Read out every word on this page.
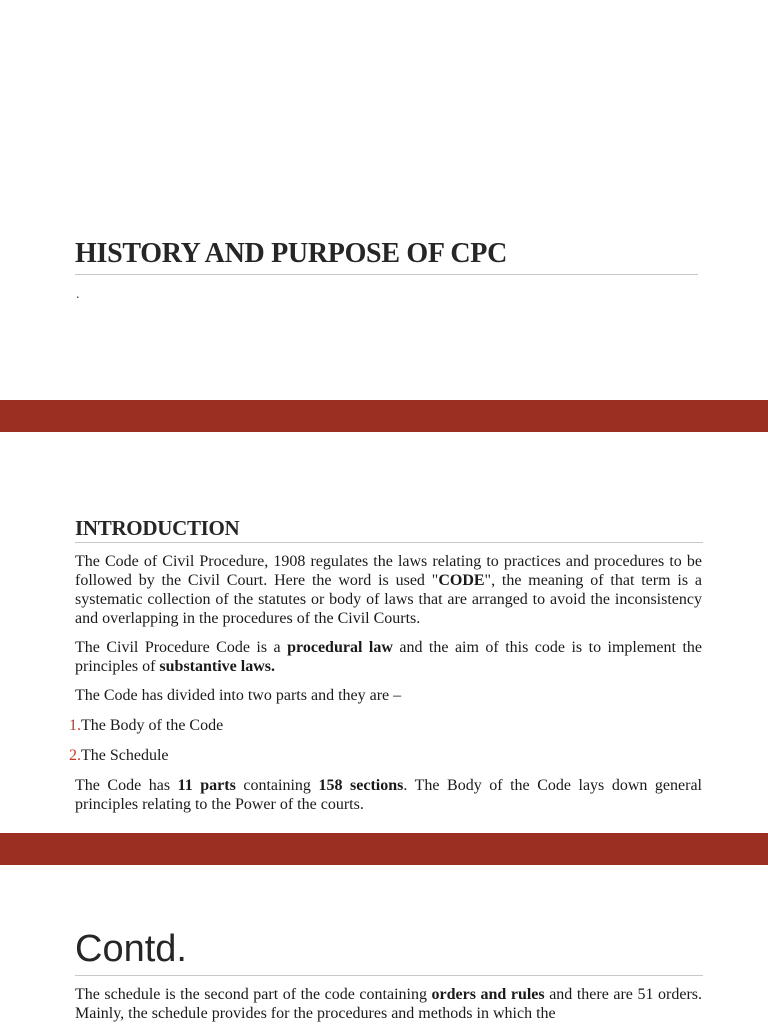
HISTORY AND PURPOSE OF CPC
.
INTRODUCTION

The Code of Civil Procedure, 1908 regulates the laws relating to practices and procedures to be followed by the Civil Court. Here the word is used "CODE", the meaning of that term is a systematic collection of the statutes or body of laws that are arranged to avoid the inconsistency and overlapping in the procedures of the Civil Courts.

The Civil Procedure Code is a procedural law and the aim of this code is to implement the principles of substantive laws.

The Code has divided into two parts and they are –

1.The Body of the Code

2.The Schedule

The Code has 11 parts containing 158 sections. The Body of the Code lays down general principles relating to the Power of the courts.

Contd.

The schedule is the second part of the code containing orders and rules and there are 51 orders. Mainly, the schedule provides for the procedures and methods in which the
